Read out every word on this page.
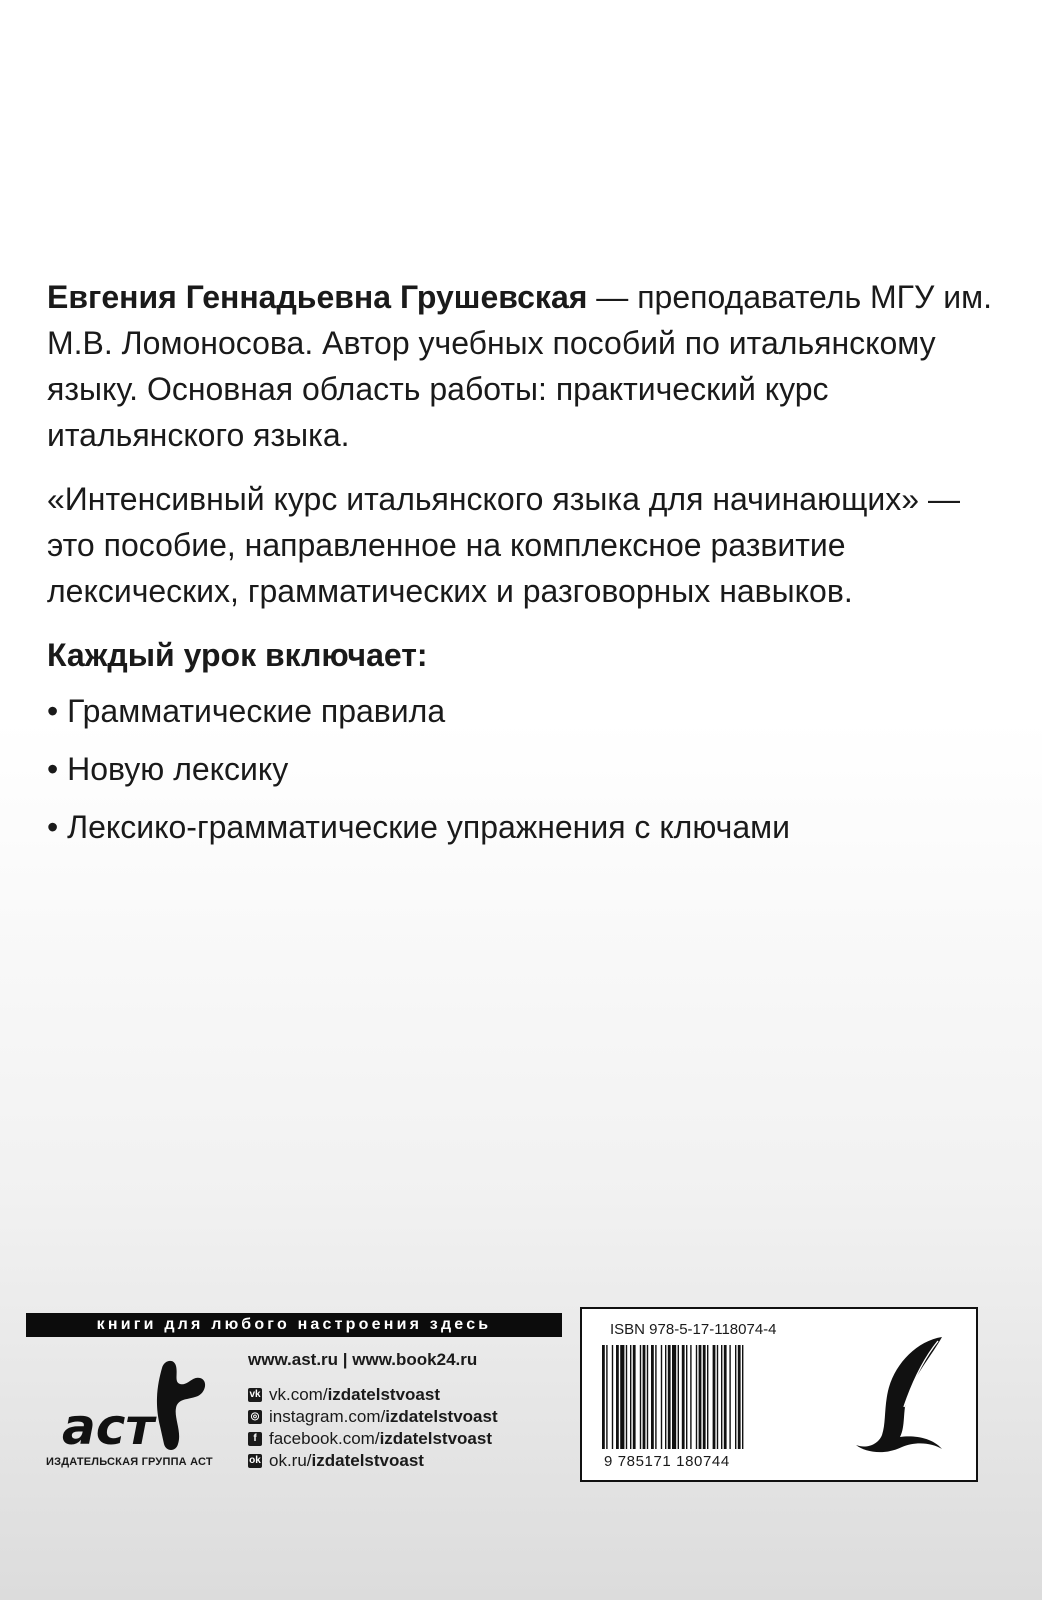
Евгения Геннадьевна Грушевская — преподаватель МГУ им. М.В. Ломоносова. Автор учебных пособий по итальянскому языку. Основная область работы: практический курс итальянского языка.

«Интенсивный курс итальянского языка для начинающих» — это пособие, направленное на комплексное развитие лексических, грамматических и разговорных навыков.

Каждый урок включает:

• Грамматические правила

• Новую лексику

• Лексико-грамматические упражнения с ключами

книги для любого настроения здесь
аст
ИЗДАТЕЛЬСКАЯ ГРУППА АСТ
www.ast.ru | www.book24.ru
vk vk.com/ izdatelstvoast
◎ instagram.com/ izdatelstvoast
f facebook.com/ izdatelstvoast
ok ok.ru/ izdatelstvoast
ISBN 978-5-17-118074-4
9 785171 180744
